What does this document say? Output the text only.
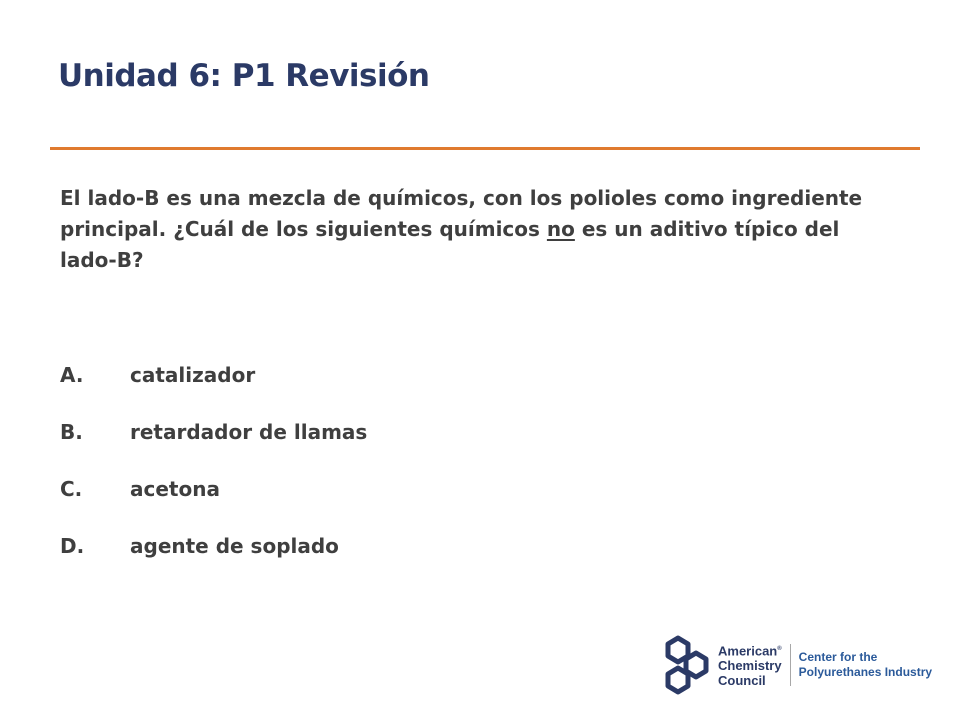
Unidad 6: P1 Revisión

El lado-B es una mezcla de químicos, con los polioles como ingrediente principal. ¿Cuál de los siguientes químicos no es un aditivo típico del lado-B?

A.	catalizador
B.	retardador de llamas
C.	acetona
D.	agente de soplado
American®
Chemistry
Council
Center for the
Polyurethanes Industry
